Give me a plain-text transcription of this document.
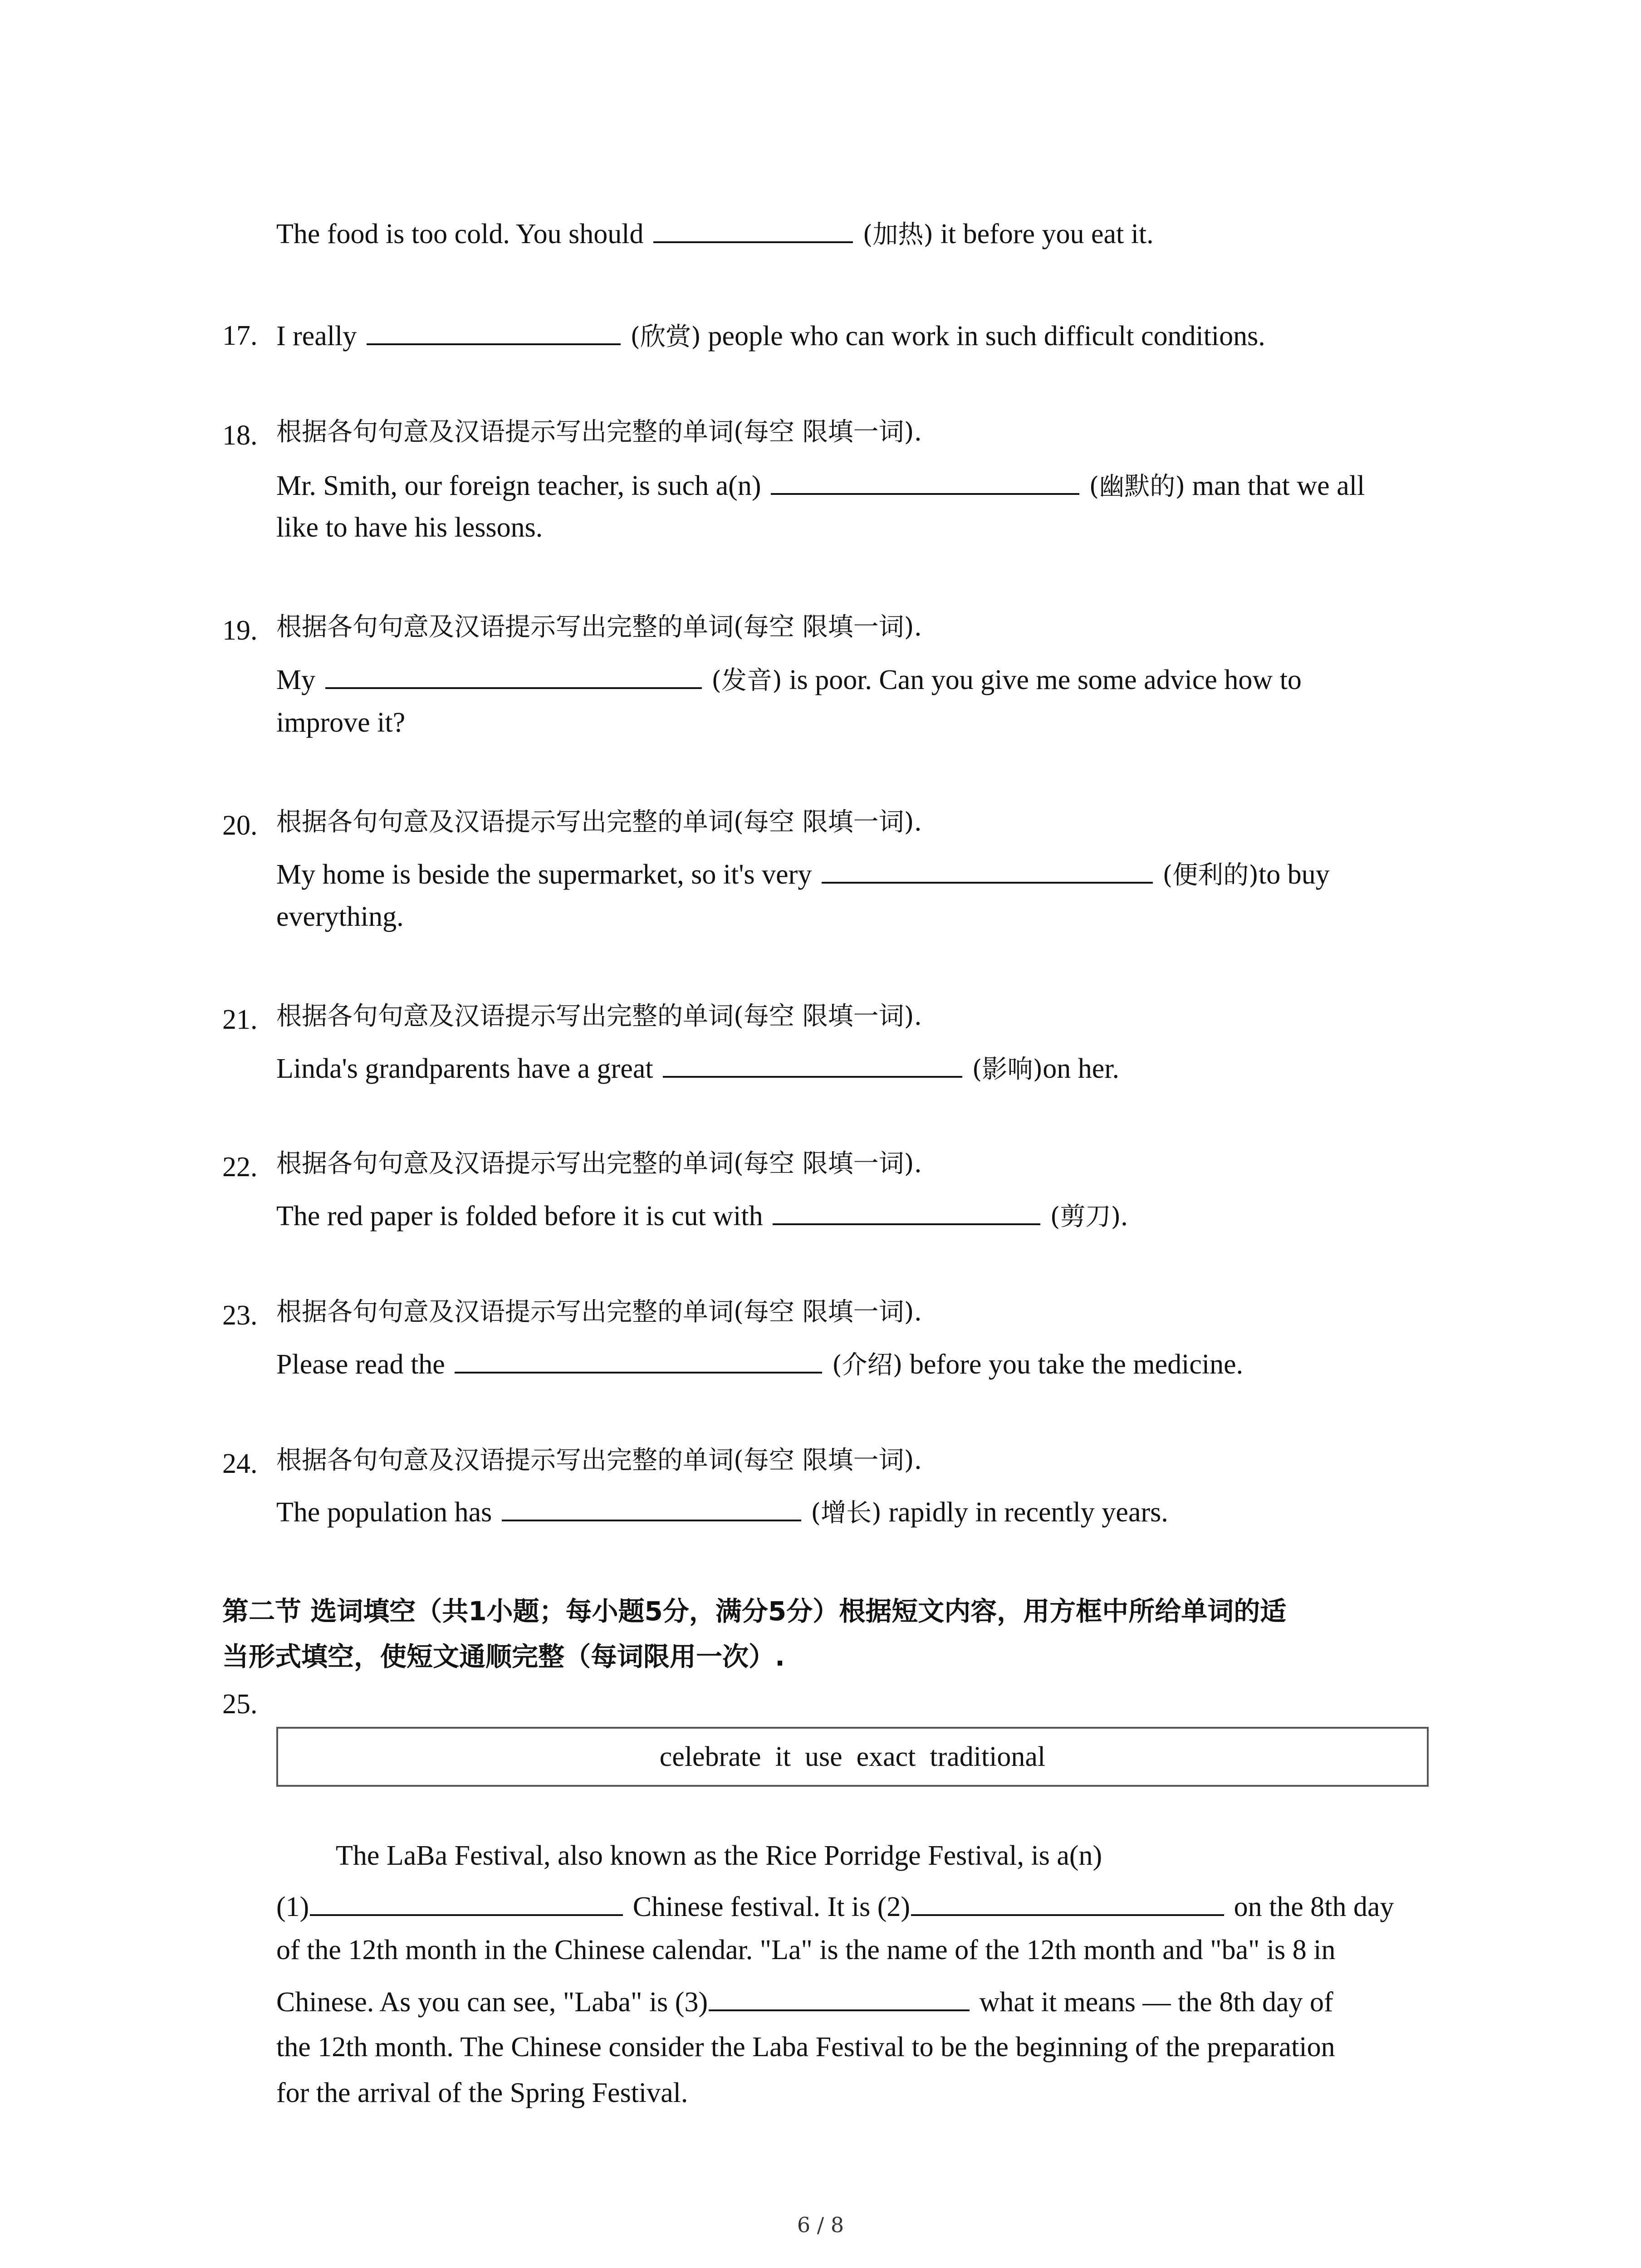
The food is too cold. You should	(加热) it before you eat it.
17. I really	(欣赏) people who can work in such difficult conditions.
18. 根据各句句意及汉语提示写出完整的单词(每空 限填一词).
Mr. Smith, our foreign teacher, is such a(n)	(幽默的) man that we all
like to have his lessons.
19. 根据各句句意及汉语提示写出完整的单词(每空 限填一词).
My	(发音) is poor. Can you give me some advice how to
improve it?
20. 根据各句句意及汉语提示写出完整的单词(每空 限填一词).
My home is beside the supermarket, so it's very	(便利的)to buy
everything.
21. 根据各句句意及汉语提示写出完整的单词(每空 限填一词).
Linda's grandparents have a great	(影响)on her.
22. 根据各句句意及汉语提示写出完整的单词(每空 限填一词).
The red paper is folded before it is cut with	(剪刀).
23. 根据各句句意及汉语提示写出完整的单词(每空 限填一词).
Please read the	(介绍) before you take the medicine.
24. 根据各句句意及汉语提示写出完整的单词(每空 限填一词).
The population has	(增长) rapidly in recently years.
第二节 选词填空（共1小题；每小题5分，满分5分）根据短文内容，用方框中所给单词的适
当形式填空，使短文通顺完整（每词限用一次）.
25.
celebrate  it  use  exact  traditional
The LaBa Festival, also known as the Rice Porridge Festival, is a(n)
(1)	Chinese festival. It is (2)	on the 8th day
of the 12th month in the Chinese calendar. "La" is the name of the 12th month and "ba" is 8 in
Chinese. As you can see, "Laba" is (3)	what it means — the 8th day of
the 12th month. The Chinese consider the Laba Festival to be the beginning of the preparation
for the arrival of the Spring Festival.
6 / 8
